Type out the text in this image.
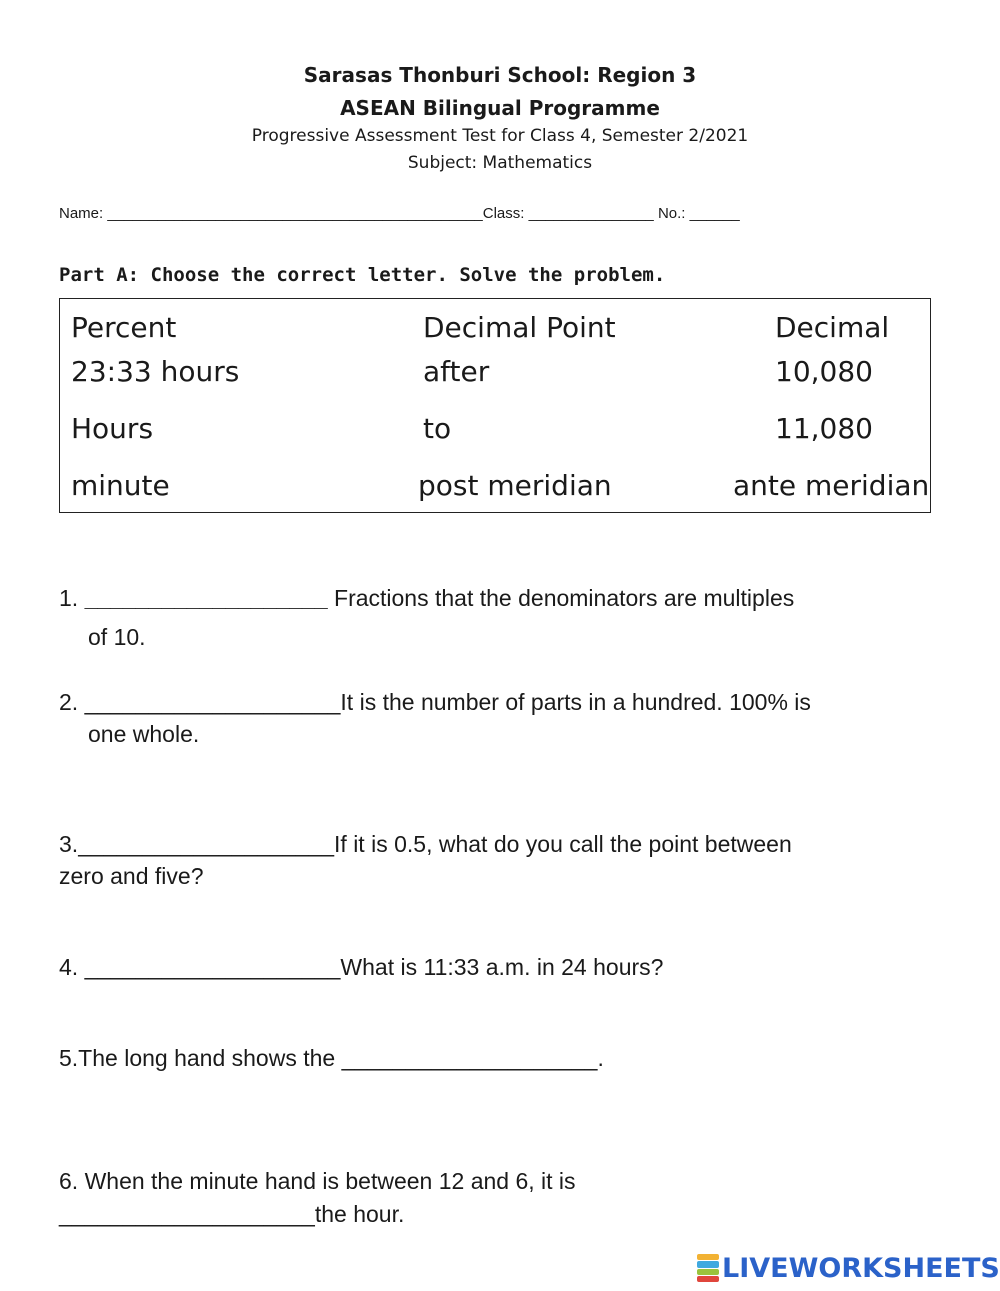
Sarasas Thonburi School: Region 3
ASEAN Bilingual Programme
Progressive Assessment Test for Class 4, Semester 2/2021
Subject: Mathematics
Name: _____________________________________________Class: _______________ No.: ______
Part A: Choose the correct letter. Solve the problem.
Percent	Decimal Point	Decimal
23:33 hours	after	10,080
Hours	to	11,080
minute	post meridian	ante meridian
1. ___________________ Fractions that the denominators are multiples
of 10.
2. ____________________It is the number of parts in a hundred. 100% is
one whole.
3.____________________If it is 0.5, what do you call the point between
zero and five?
4. ____________________What is 11:33 a.m. in 24 hours?
5.The long hand shows the ____________________.
6. When the minute hand is between 12 and 6, it is
____________________the hour.
LIVEWORKSHEETS
